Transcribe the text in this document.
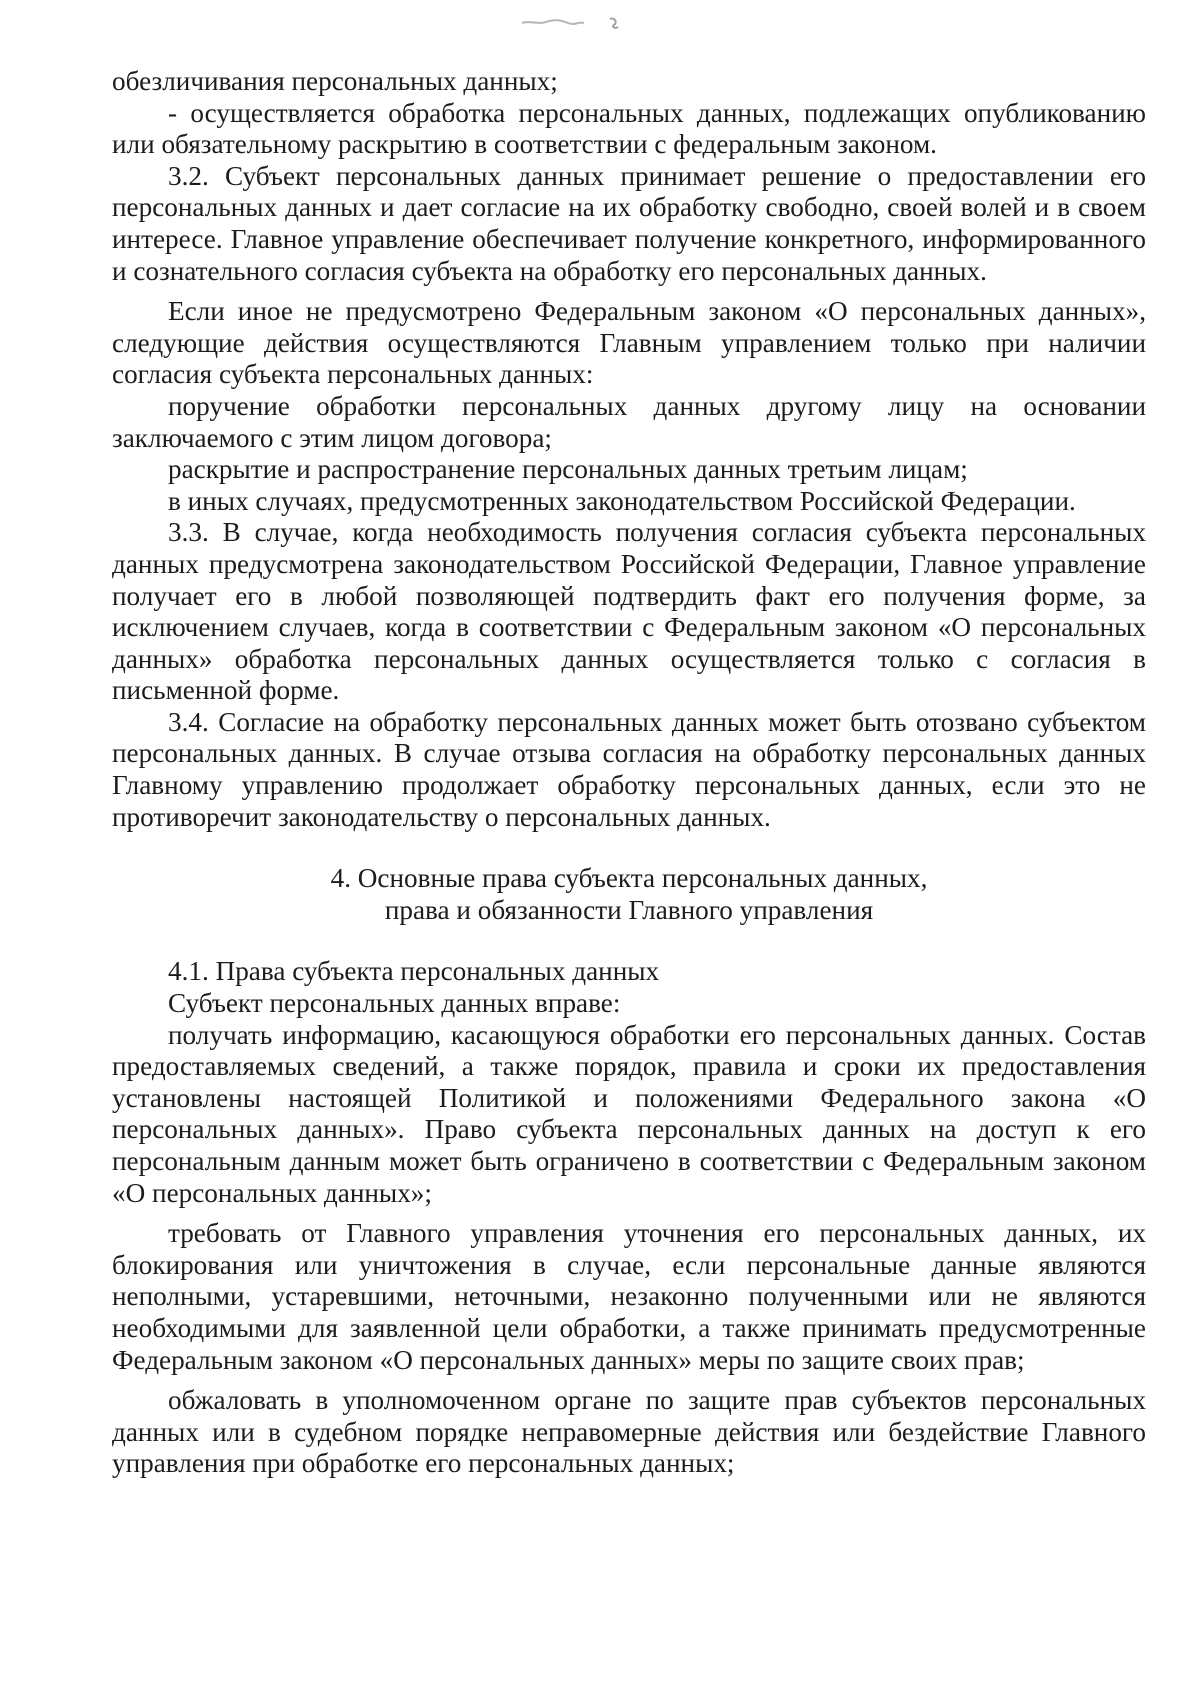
обезличивания персональных данных;

- осуществляется обработка персональных данных, подлежащих опубликованию или обязательному раскрытию в соответствии с федеральным законом.

3.2. Субъект персональных данных принимает решение о предоставлении его персональных данных и дает согласие на их обработку свободно, своей волей и в своем интересе. Главное управление обеспечивает получение конкретного, информированного и сознательного согласия субъекта на обработку его персональных данных.

Если иное не предусмотрено Федеральным законом «О персональных данных», следующие действия осуществляются Главным управлением только при наличии согласия субъекта персональных данных:

поручение обработки персональных данных другому лицу на основании заключаемого с этим лицом договора;

раскрытие и распространение персональных данных третьим лицам;

в иных случаях, предусмотренных законодательством Российской Федерации.

3.3. В случае, когда необходимость получения согласия субъекта персональных данных предусмотрена законодательством Российской Федерации, Главное управление получает его в любой позволяющей подтвердить факт его получения форме, за исключением случаев, когда в соответствии с Федеральным законом «О персональных данных» обработка персональных данных осуществляется только с согласия в письменной форме.

3.4. Согласие на обработку персональных данных может быть отозвано субъектом персональных данных. В случае отзыва согласия на обработку персональных данных Главному управлению продолжает обработку персональных данных, если это не противоречит законодательству о персональных данных.

4. Основные права субъекта персональных данных,
права и обязанности Главного управления

4.1. Права субъекта персональных данных

Субъект персональных данных вправе:

получать информацию, касающуюся обработки его персональных данных. Состав предоставляемых сведений, а также порядок, правила и сроки их предоставления установлены настоящей Политикой и положениями Федерального закона «О персональных данных». Право субъекта персональных данных на доступ к его персональным данным может быть ограничено в соответствии с Федеральным законом «О персональных данных»;

требовать от Главного управления уточнения его персональных данных, их блокирования или уничтожения в случае, если персональные данные являются неполными, устаревшими, неточными, незаконно полученными или не являются необходимыми для заявленной цели обработки, а также принимать предусмотренные Федеральным законом «О персональных данных» меры по защите своих прав;

обжаловать в уполномоченном органе по защите прав субъектов персональных данных или в судебном порядке неправомерные действия или бездействие Главного управления при обработке его персональных данных;
